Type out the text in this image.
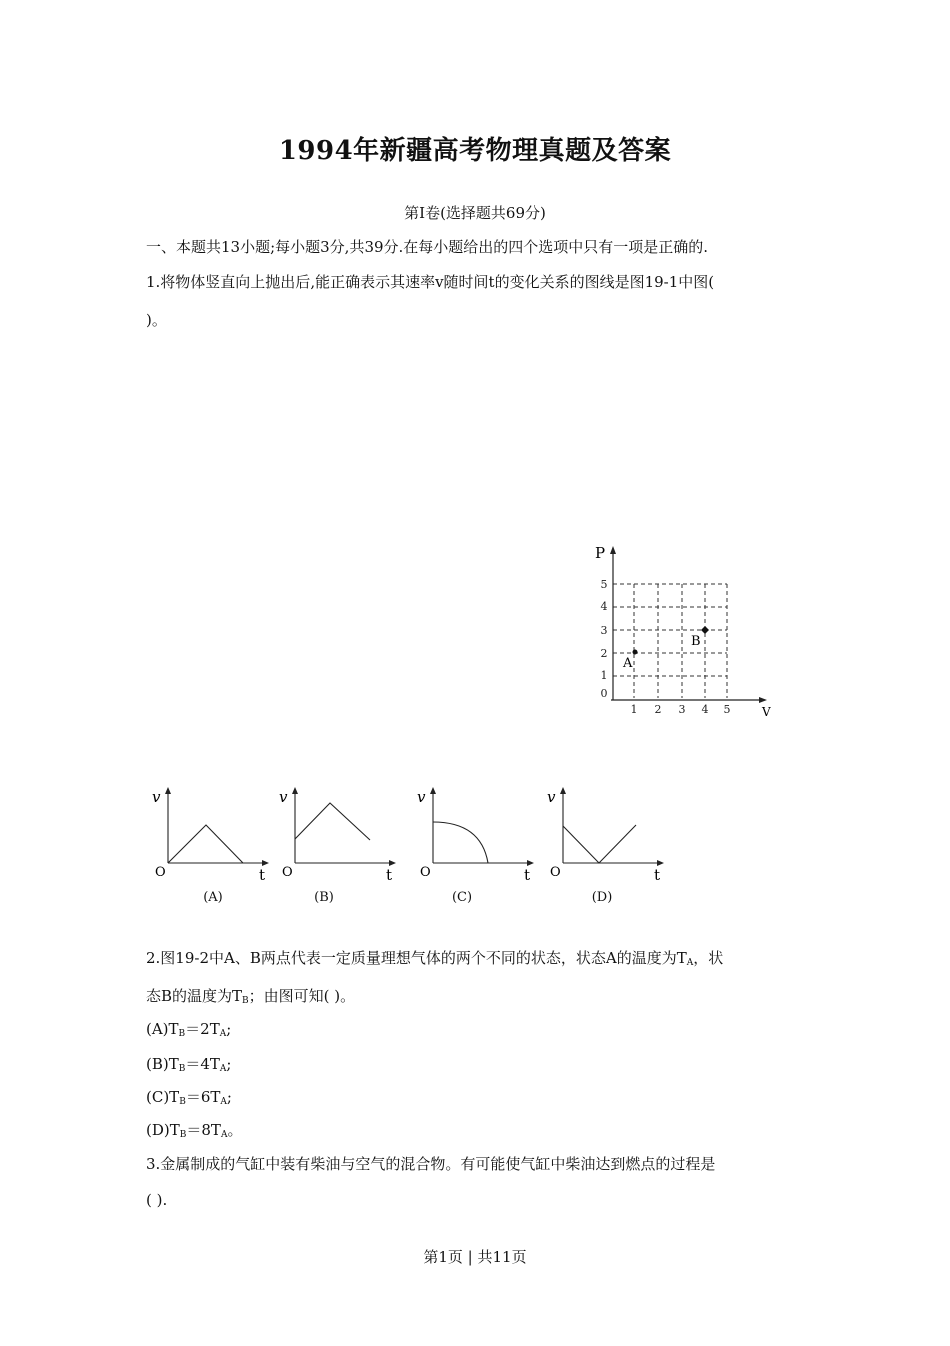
1994年新疆高考物理真题及答案
第Ⅰ卷(选择题共69分)
一、本题共13小题;每小题3分,共39分.在每小题给出的四个选项中只有一项是正确的.
1.将物体竖直向上抛出后,能正确表示其速率v随时间t的变化关系的图线是图19-1中图(
)。
P
V
5
4
3
2
1
0
1 2 3 4 5
A
B
v
t
O
(A)
v
t
O
(B)
v
t
O
(C)
v
t
O
(D)
2.图19-2中A、B两点代表一定质量理想气体的两个不同的状态，状态A的温度为$T_A$，状
态B的温度为$T_B$；由图可知( )。
$(A)T_B=2T_A$;
$(B)T_B=4T_A$;
$(C)T_B=6T_A$;
$(D)T_B=8T_A$。
3.金属制成的气缸中装有柴油与空气的混合物。有可能使气缸中柴油达到燃点的过程是
( ).
第1页 | 共11页
